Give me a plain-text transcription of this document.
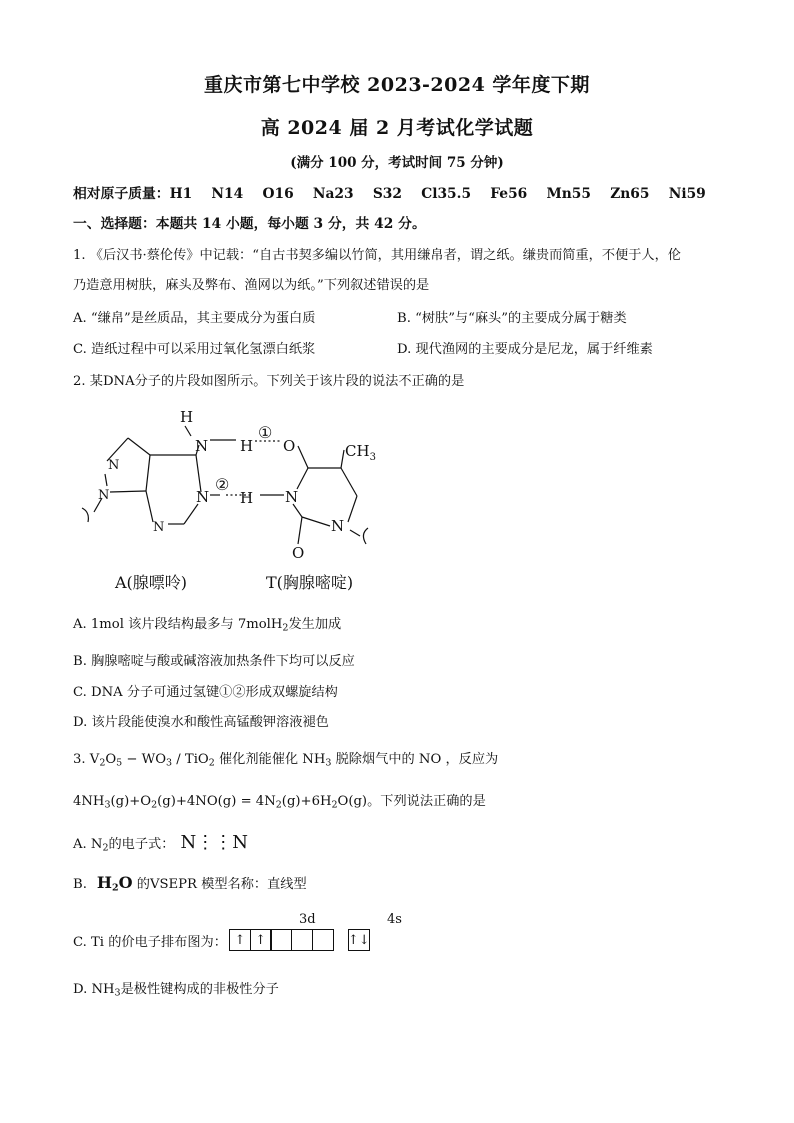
重庆市第七中学校 2023-2024 学年度下期
高 2024 届 2 月考试化学试题
(满分 100 分，考试时间 75 分钟)
相对原子质量：H1    N14    O16    Na23    S32    Cl35.5    Fe56    Mn55    Zn65    Ni59
一、选择题：本题共 14 小题，每小题 3 分，共 42 分。
1. 《后汉书·蔡伦传》中记载：“自古书契多编以竹简，其用缣帛者，谓之纸。缣贵而简重，不便于人，伦
乃造意用树肤，麻头及弊布、渔网以为纸。”下列叙述错误的是
A. “缣帛”是丝质品，其主要成分为蛋白质	B. “树肤”与“麻头”的主要成分属于糖类
C. 造纸过程中可以采用过氧化氢漂白纸浆	D. 现代渔网的主要成分是尼龙，属于纤维素
2. 某DNA分子的片段如图所示。下列关于该片段的说法不正确的是
H
N H O	$CH_3$
N
N
N
N H N
N
O
①
②
A(腺嘌呤)	T(胸腺嘧啶)
A. 1mol 该片段结构最多与 7molH$_2$发生加成
B. 胸腺嘧啶与酸或碱溶液加热条件下均可以反应
C. DNA 分子可通过氢键①②形成双螺旋结构
D. 该片段能使溴水和酸性高锰酸钾溶液褪色
3. $V_2O_5 - WO_3 / TiO_2$ 催化剂能催化 $NH_3$ 脱除烟气中的 NO ，反应为
$4NH_3(g)+O_2(g)+4NO(g) = 4N_2(g)+6H_2O(g)$。下列说法正确的是
A. $N_2$的电子式： N⋮⋮N
B. $H_2O$ 的VSEPR 模型名称：直线型
3d	4s
C. Ti 的价电子排布图为： ↑ ↑	↑↓
D. $NH_3$是极性键构成的非极性分子
